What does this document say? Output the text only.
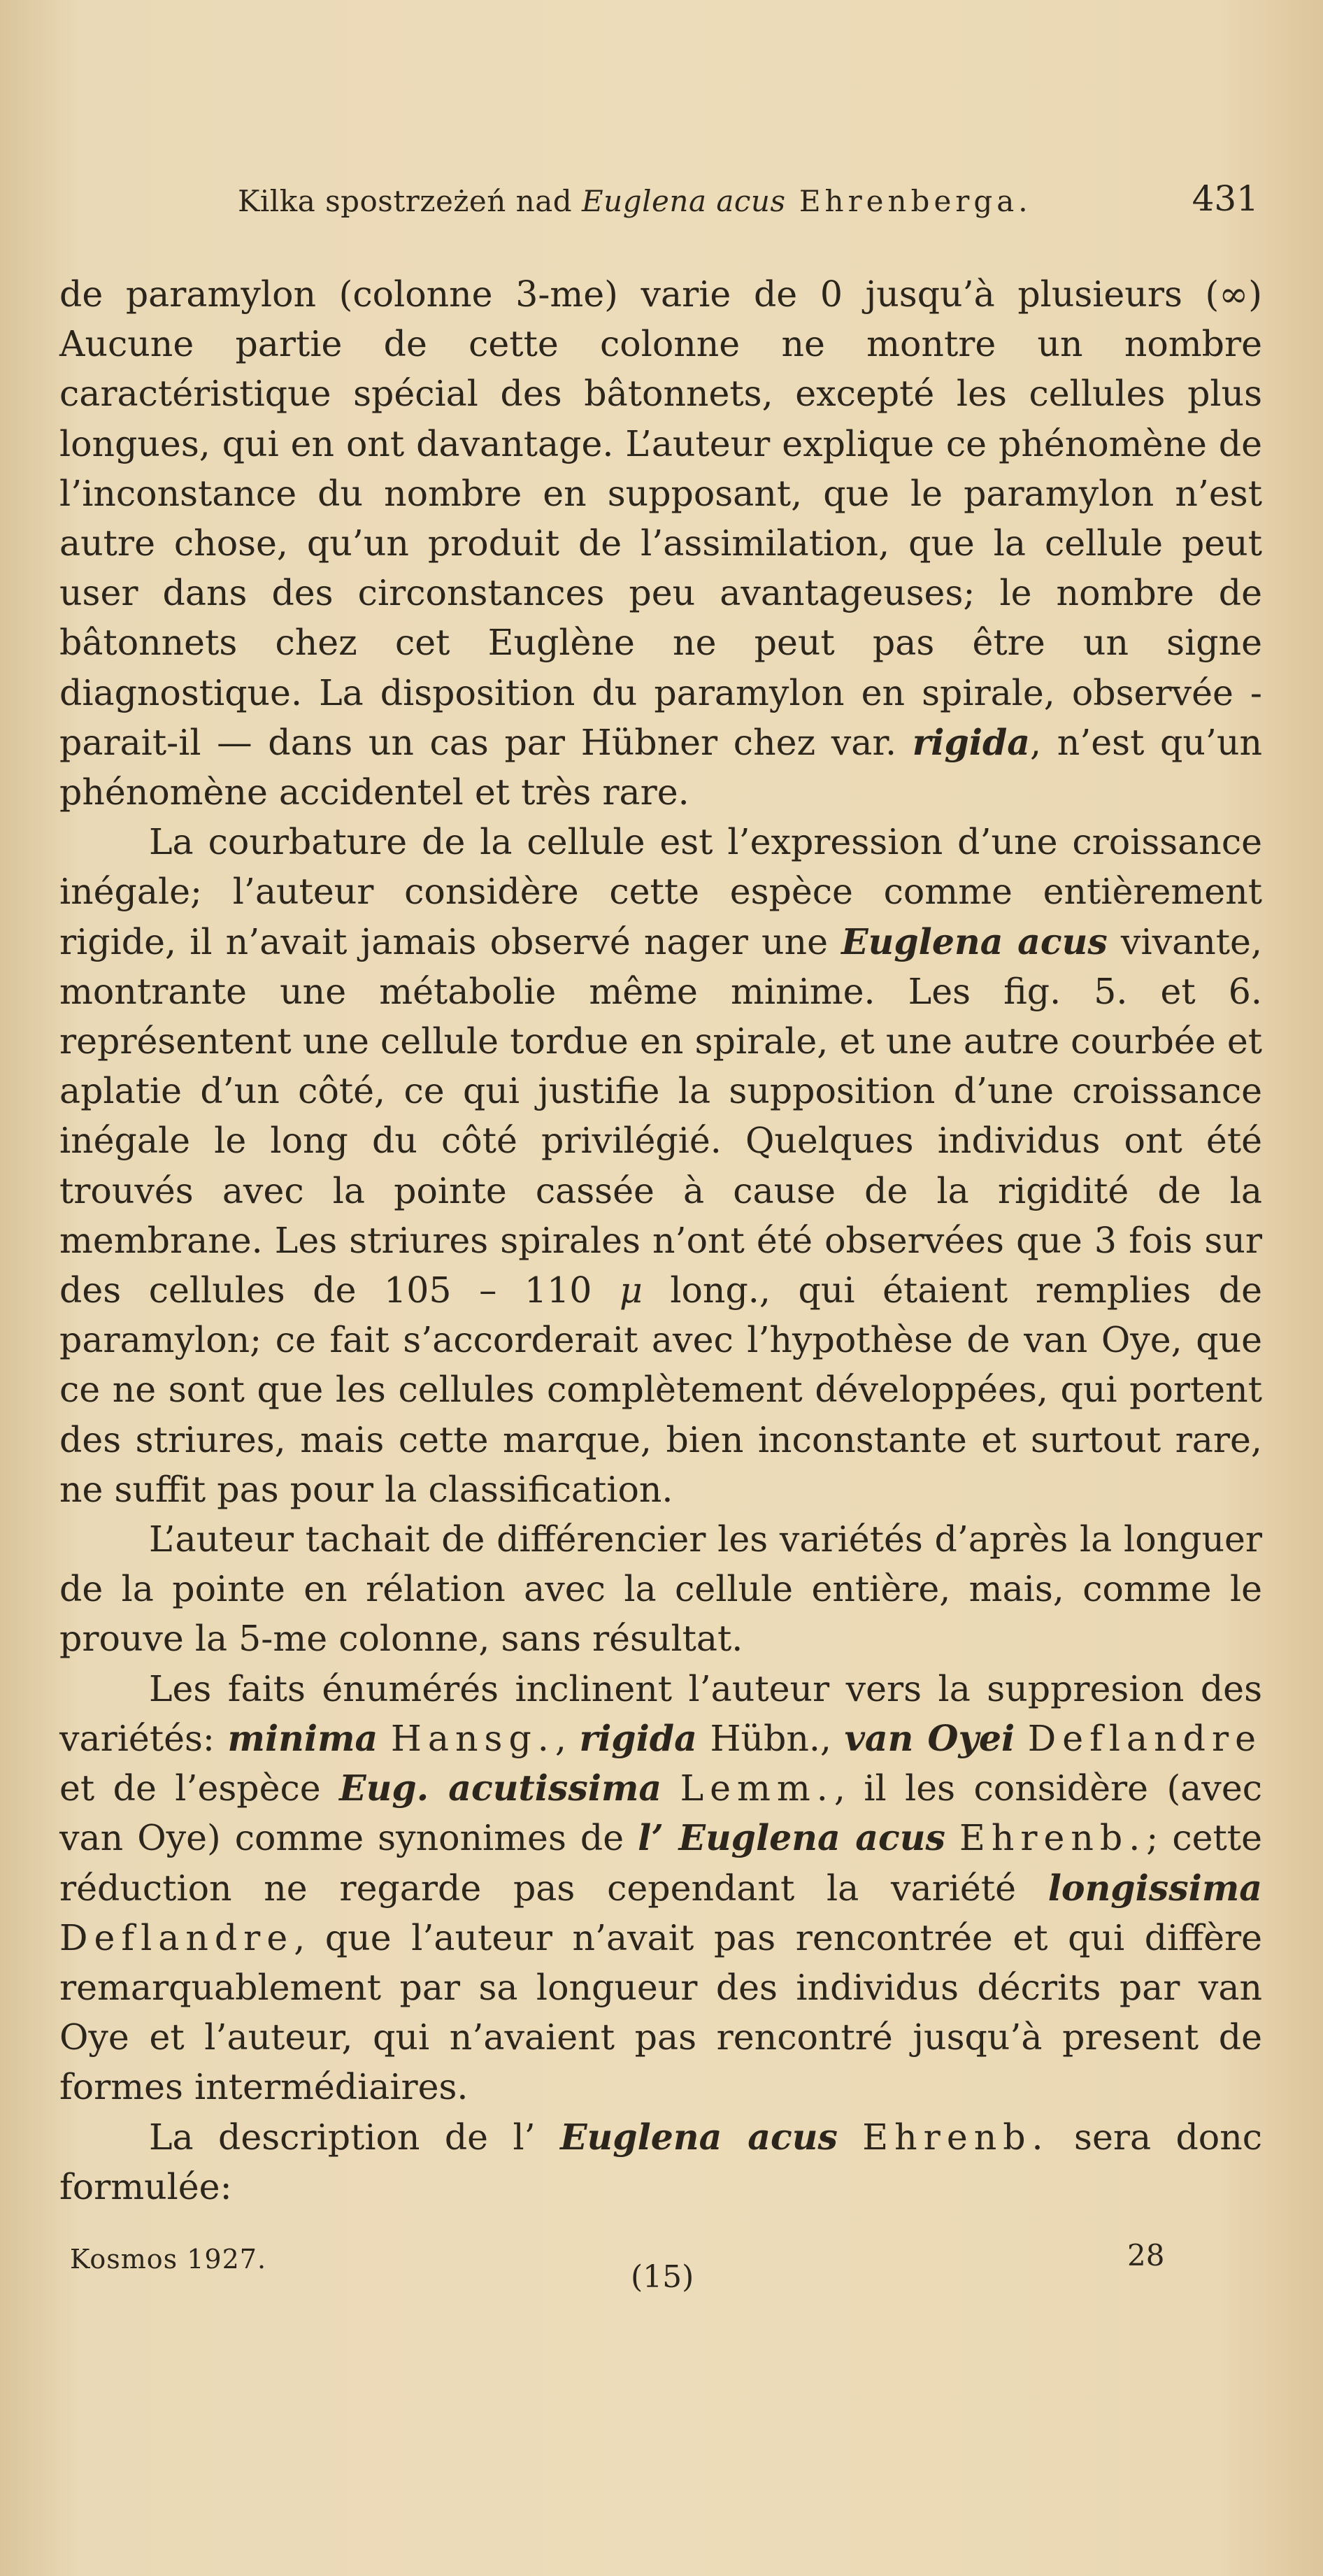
Kilka spostrzeżeń nad Euglena acus Ehrenberga.	431

de paramylon (colonne 3-me) varie de 0 jusqu’à plusieurs (∞) Aucune partie de cette colonne ne montre un nombre caractéristique spécial des bâtonnets, excepté les cellules plus longues, qui en ont davantage. L’auteur explique ce phénomène de l’inconstance du nombre en supposant, que le paramylon n’est autre chose, qu’un produit de l’assimilation, que la cellule peut user dans des circonstances peu avantageuses; le nombre de bâtonnets chez cet Euglène ne peut pas être un signe diagnostique. La disposition du paramylon en spirale, observée - parait-il — dans un cas par Hübner chez var. rigida, n’est qu’un phénomène accidentel et très rare.

La courbature de la cellule est l’expression d’une croissance inégale; l’auteur considère cette espèce comme entièrement rigide, il n’avait jamais observé nager une Euglena acus vivante, montrante une métabolie même minime. Les fig. 5. et 6. représentent une cellule tordue en spirale, et une autre courbée et aplatie d’un côté, ce qui justifie la supposition d’une croissance inégale le long du côté privilégié. Quelques individus ont été trouvés avec la pointe cassée à cause de la rigidité de la membrane. Les striures spirales n’ont été observées que 3 fois sur des cellules de 105 – 110 μ long., qui étaient remplies de paramylon; ce fait s’accorderait avec l’hypothèse de van Oye, que ce ne sont que les cellules complètement développées, qui portent des striures, mais cette marque, bien inconstante et surtout rare, ne suffit pas pour la classification.

L’auteur tachait de différencier les variétés d’après la longuer de la pointe en rélation avec la cellule entière, mais, comme le prouve la 5-me colonne, sans résultat.

Les faits énumérés inclinent l’auteur vers la suppresion des variétés: minima Hansg., rigida Hübn., van Oyei Deflandre et de l’espèce Eug. acutissima Lemm., il les considère (avec van Oye) comme synonimes de l’ Euglena acus Ehrenb.; cette réduction ne regarde pas cependant la variété longissima Deflandre, que l’auteur n’avait pas rencontrée et qui diffère remarquablement par sa longueur des individus décrits par van Oye et l’auteur, qui n’avaient pas rencontré jusqu’à present de formes intermédiaires.

La description de l’ Euglena acus Ehrenb. sera donc formulée:

Kosmos 1927.	(15)
28
